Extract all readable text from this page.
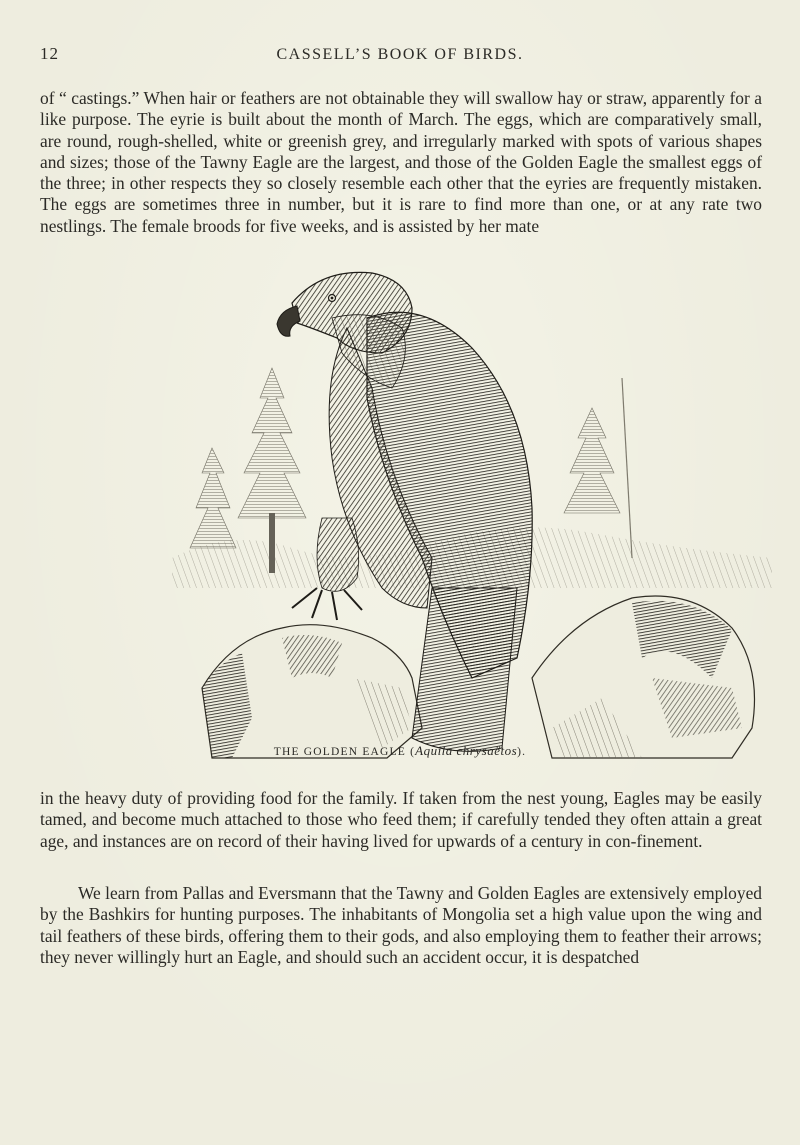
12	CASSELL’S BOOK OF BIRDS.

of “ castings.” When hair or feathers are not obtainable they will swallow hay or straw, apparently for a like purpose. The eyrie is built about the month of March. The eggs, which are comparatively small, are round, rough-shelled, white or greenish grey, and irregularly marked with spots of various shapes and sizes; those of the Tawny Eagle are the largest, and those of the Golden Eagle the smallest eggs of the three; in other respects they so closely resemble each other that the eyries are frequently mistaken. The eggs are sometimes three in number, but it is rare to find more than one, or at any rate two nestlings. The female broods for five weeks, and is assisted by her mate

THE GOLDEN EAGLE (Aquila chrysaëtos).

in the heavy duty of providing food for the family. If taken from the nest young, Eagles may be easily tamed, and become much attached to those who feed them; if carefully tended they often attain a great age, and instances are on record of their having lived for upwards of a century in con-finement.

We learn from Pallas and Eversmann that the Tawny and Golden Eagles are extensively employed by the Bashkirs for hunting purposes. The inhabitants of Mongolia set a high value upon the wing and tail feathers of these birds, offering them to their gods, and also employing them to feather their arrows; they never willingly hurt an Eagle, and should such an accident occur, it is despatched
